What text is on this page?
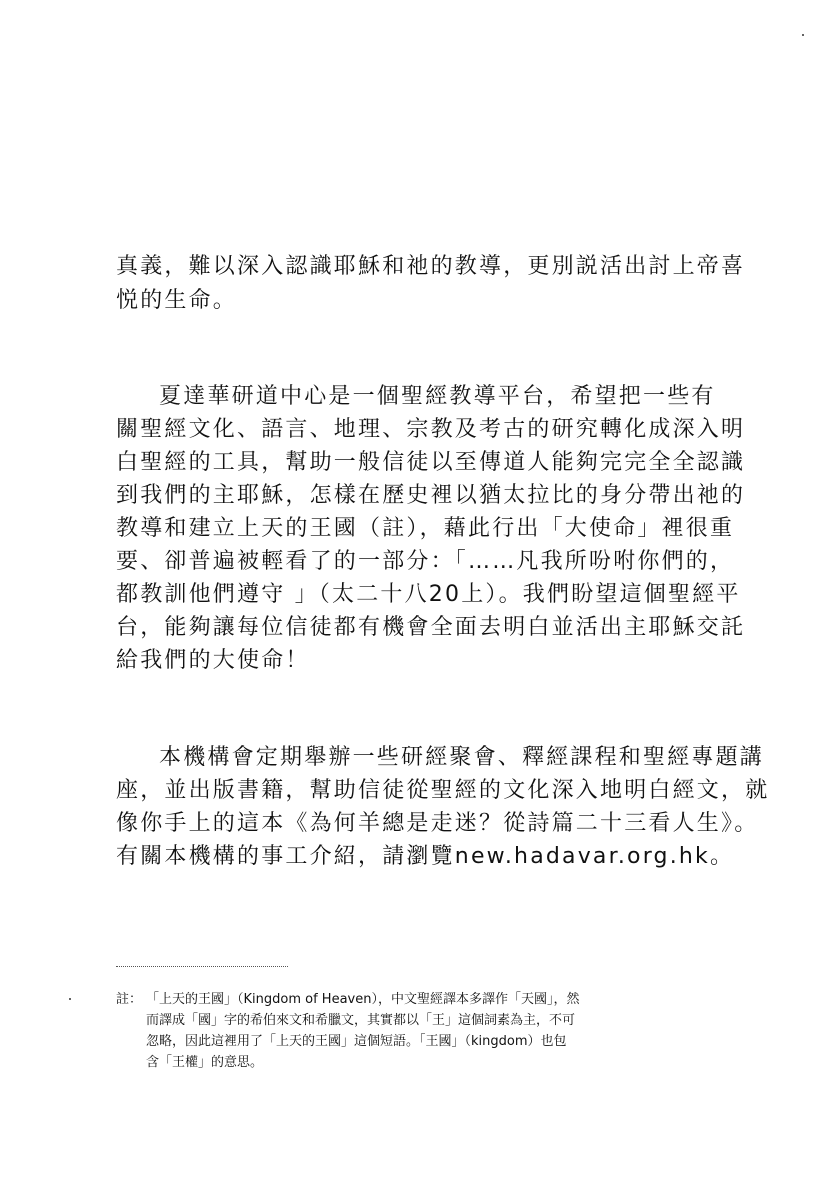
真義，難以深入認識耶穌和祂的教導，更別説活出討上帝喜
悦的生命。
夏達華研道中心是一個聖經教導平台，希望把一些有
關聖經文化、語言、地理、宗教及考古的研究轉化成深入明
白聖經的工具，幫助一般信徒以至傳道人能夠完完全全認識
到我們的主耶穌，怎樣在歷史裡以猶太拉比的身分帶出祂的
教導和建立上天的王國（註），藉此行出「大使命」裡很重
要、卻普遍被輕看了的一部分：「……凡我所吩咐你們的，
都教訓他們遵守 」（太二十八20上）。我們盼望這個聖經平
台，能夠讓每位信徒都有機會全面去明白並活出主耶穌交託
給我們的大使命！
本機構會定期舉辦一些研經聚會、釋經課程和聖經專題講
座，並出版書籍，幫助信徒從聖經的文化深入地明白經文，就
像你手上的這本《為何羊總是走迷？從詩篇二十三看人生》。
有關本機構的事工介紹，請瀏覽new.hadavar.org.hk。
註： 「上天的王國」（Kingdom of Heaven），中文聖經譯本多譯作「天國」，然
而譯成「國」字的希伯來文和希臘文，其實都以「王」這個詞素為主，不可
忽略，因此這裡用了「上天的王國」這個短語。「王國」（kingdom）也包
含「王權」的意思。
